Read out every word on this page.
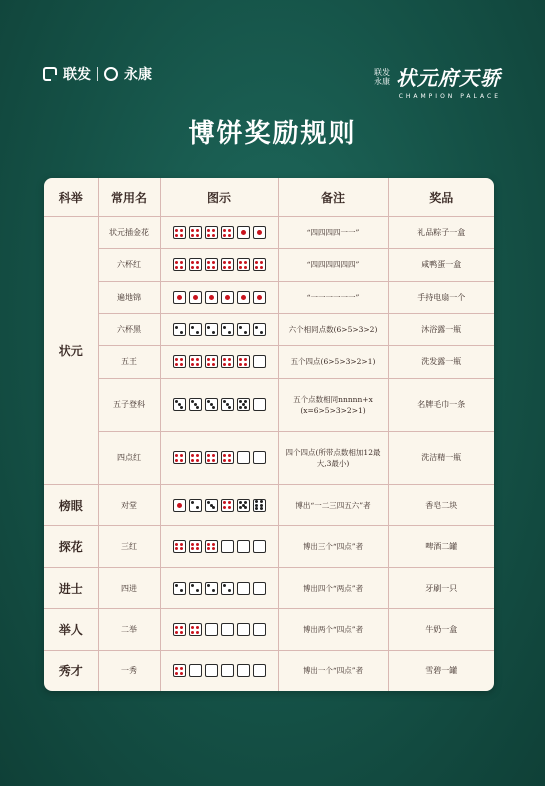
联发 永康	联发
永康 状元府天骄
CHAMPION PALACE
博饼奖励规则
科举	常用名	图示	备注	奖品
状元	状元插金花		“四四四四一一”	礼品粽子一盒
	六杯红		“四四四四四四”	咸鸭蛋一盒
	遍地锦		“一一一一一一”	手持电扇一个
	六杯黑		六个相同点数(6>5>3>2)	沐浴露一瓶
	五王		五个四点(6>5>3>2>1)	洗发露一瓶
	五子登科		五个点数相同nnnnn+x (x=6>5>3>2>1)	名牌毛巾一条
	四点红		四个四点(所带点数相加12最大,3最小)	洗洁精一瓶
榜眼	对堂		博出“一二三四五六”者	香皂二块
探花	三红		博出三个“四点”者	啤酒二罐
进士	四进		博出四个“两点”者	牙刷一只
举人	二举		博出两个“四点”者	牛奶一盒
秀才	一秀		博出一个“四点”者	雪碧一罐
